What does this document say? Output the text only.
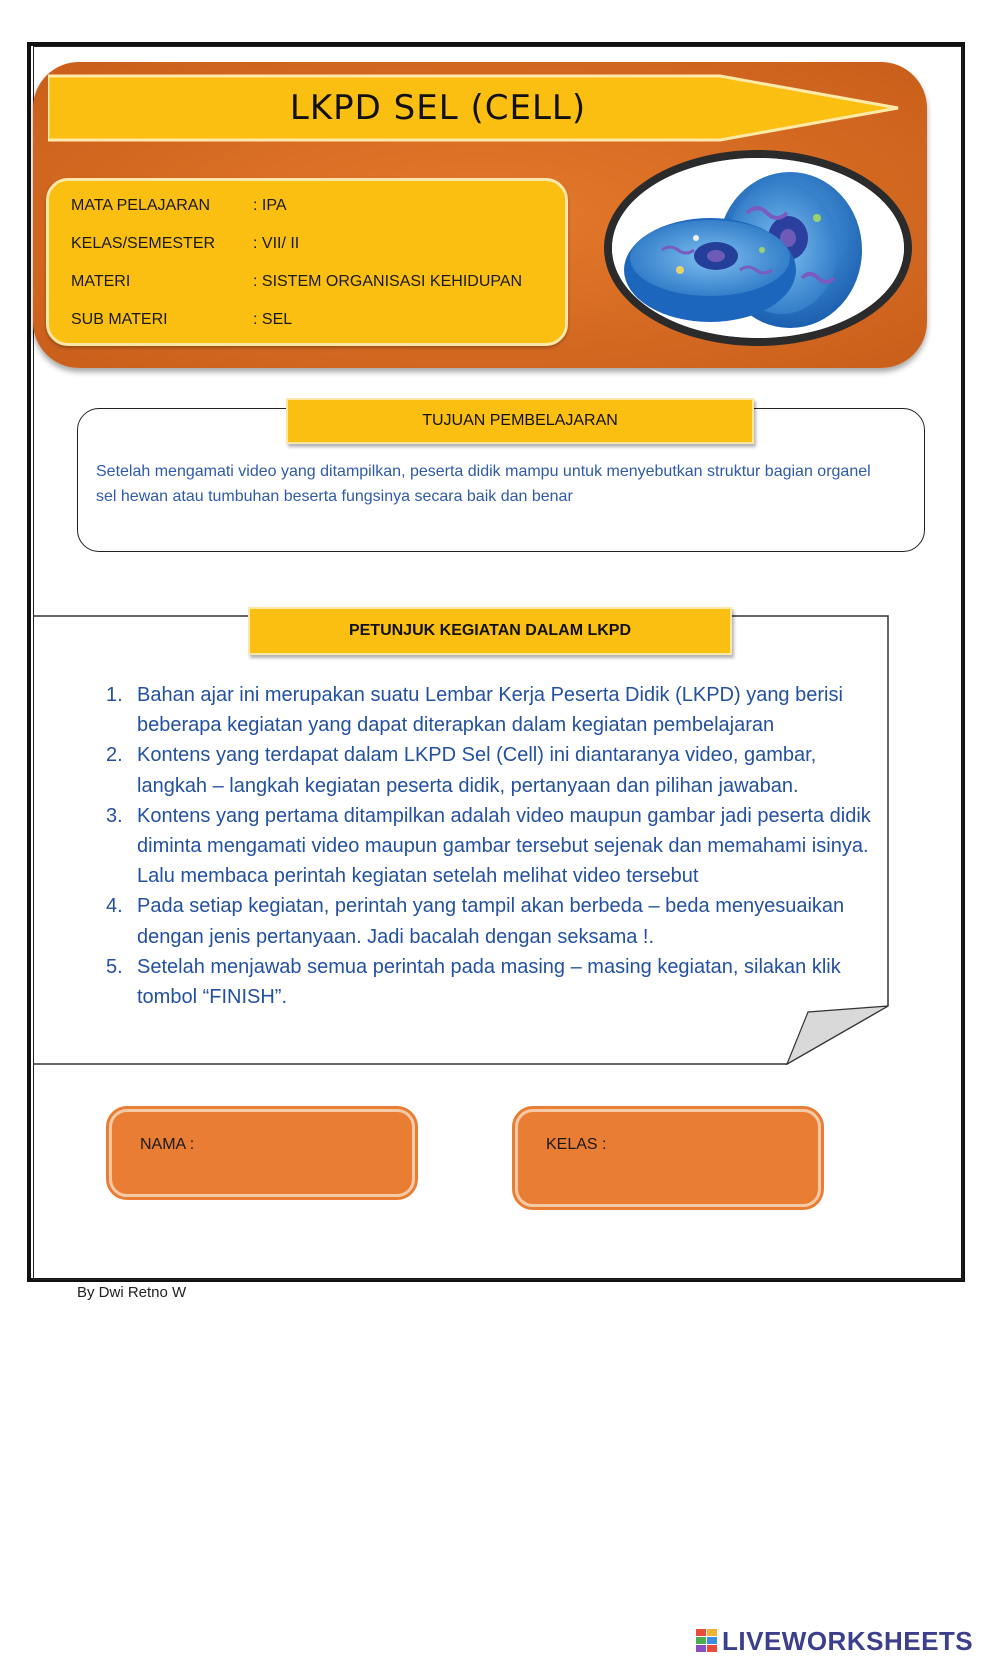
LKPD SEL (CELL)
MATA PELAJARAN	: IPA
KELAS/SEMESTER : VII/ II
MATERI	: SISTEM ORGANISASI KEHIDUPAN
SUB MATERI	: SEL
TUJUAN PEMBELAJARAN
Setelah mengamati video yang ditampilkan, peserta didik mampu untuk menyebutkan struktur bagian organel sel hewan atau tumbuhan beserta fungsinya secara baik dan benar
PETUNJUK KEGIATAN DALAM LKPD
1. Bahan ajar ini merupakan suatu Lembar Kerja Peserta Didik (LKPD) yang berisi beberapa kegiatan yang dapat diterapkan dalam kegiatan pembelajaran
2. Kontens yang terdapat dalam LKPD Sel (Cell) ini diantaranya video, gambar, langkah – langkah kegiatan peserta didik, pertanyaan dan pilihan jawaban.
3. Kontens yang pertama ditampilkan adalah video maupun gambar jadi peserta didik diminta mengamati video maupun gambar tersebut sejenak dan memahami isinya. Lalu membaca perintah kegiatan setelah melihat video tersebut
4. Pada setiap kegiatan, perintah yang tampil akan berbeda – beda menyesuaikan dengan jenis pertanyaan. Jadi bacalah dengan seksama !.
5. Setelah menjawab semua perintah pada masing – masing kegiatan, silakan klik tombol “FINISH”.
NAMA :	KELAS :
By Dwi Retno W
LIVEWORKSHEETS
